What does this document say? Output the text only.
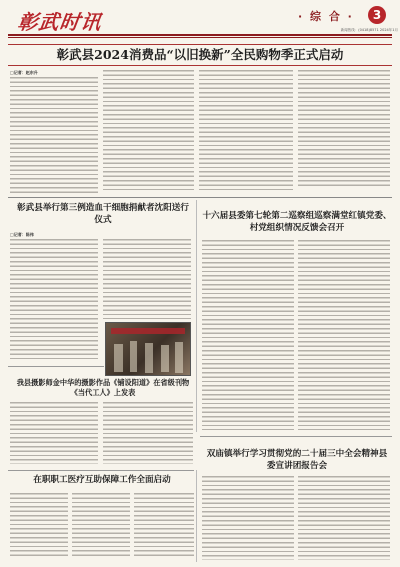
彰武时讯	· 综 合 ·	3
新闻热线：(0418)8571 2024年1月
彰武县2024消费品“以旧换新”全民购物季正式启动
□记者：赵东升
彰武县举行第三例造血干细胞捐献者沈阳送行仪式
□记者：陈伟
我县摄影师金中华的摄影作品《铺设阳道》在省级刊物《当代工人》上发表
在职职工医疗互助保障工作全面启动
十六届县委第七轮第二巡察组巡察满堂红镇党委、村党组织情况反馈会召开
双庙镇举行学习贯彻党的二十届三中全会精神县委宣讲团报告会
